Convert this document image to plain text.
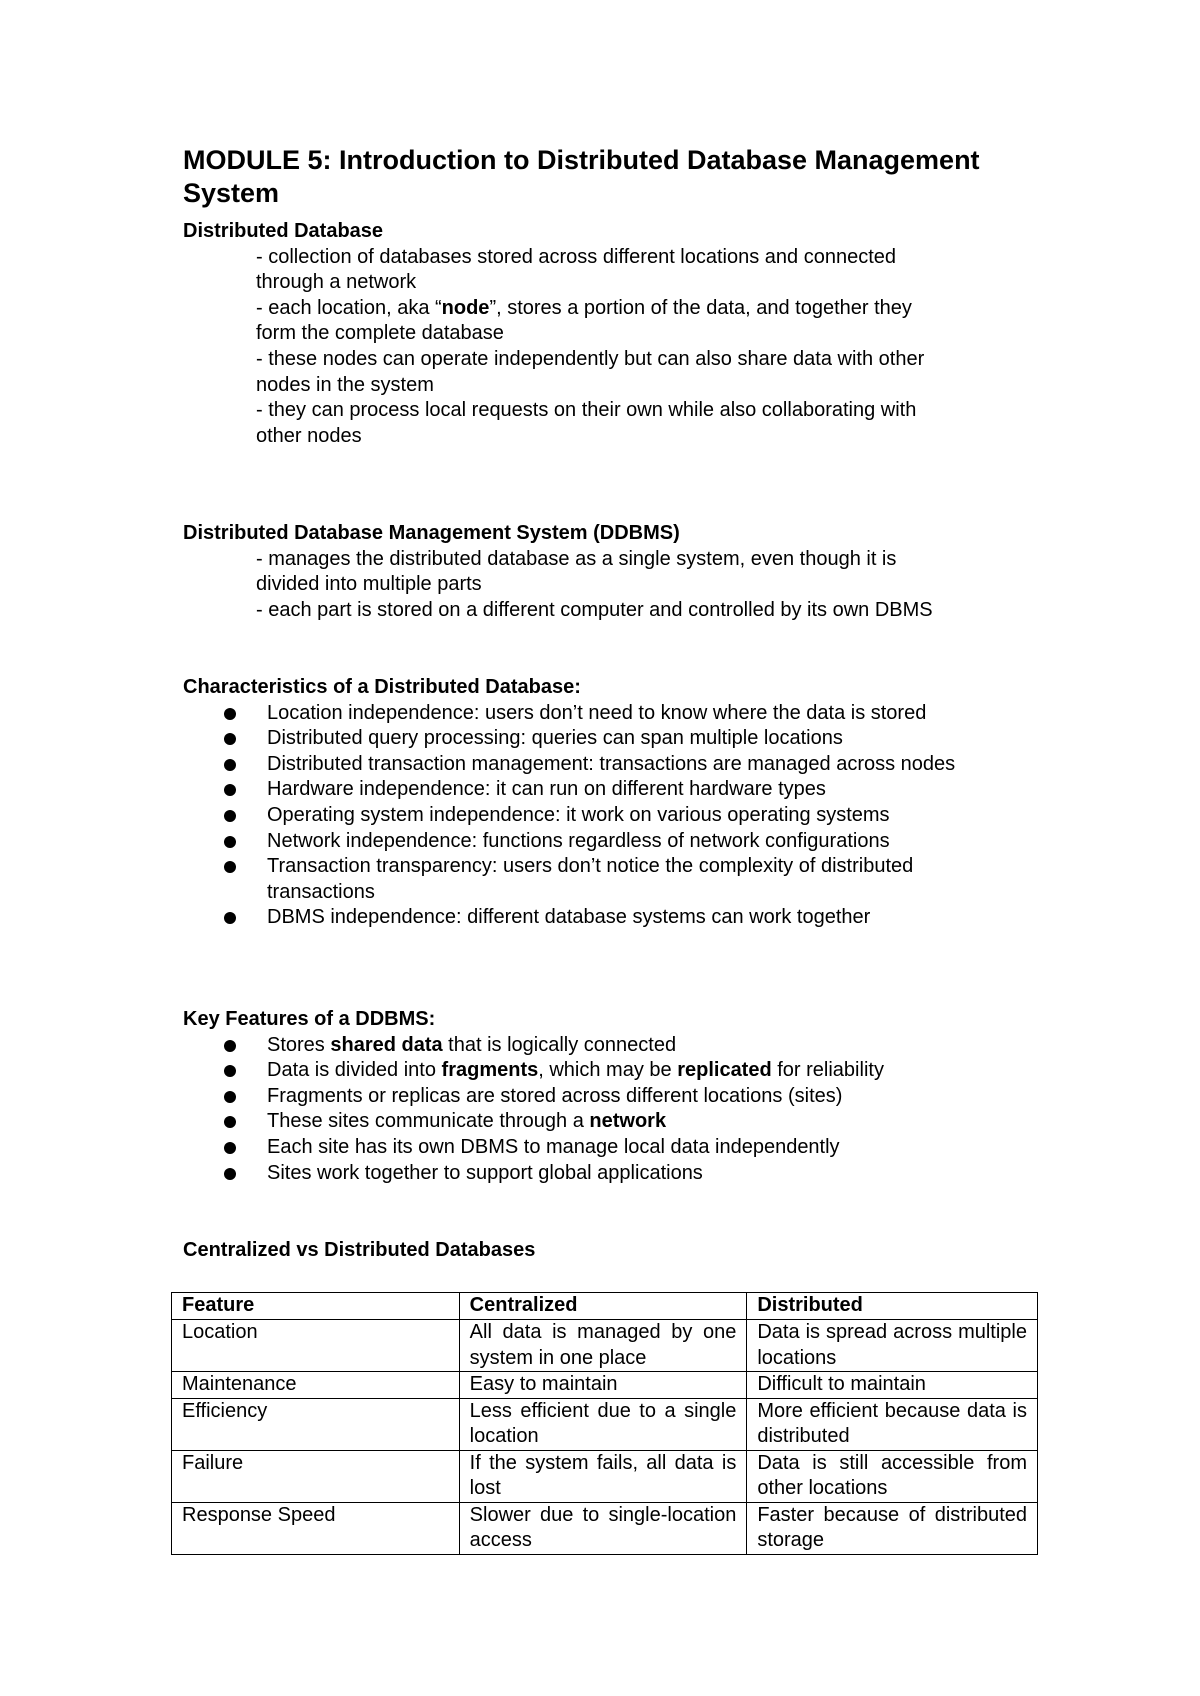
MODULE 5: Introduction to Distributed Database Management System

Distributed Database

- collection of databases stored across different locations and connected
through a network
- each location, aka “node”, stores a portion of the data, and together they
form the complete database
- these nodes can operate independently but can also share data with other
nodes in the system
- they can process local requests on their own while also collaborating with
other nodes

Distributed Database Management System (DDBMS)

- manages the distributed database as a single system, even though it is
divided into multiple parts
- each part is stored on a different computer and controlled by its own DBMS

Characteristics of a Distributed Database:

Location independence: users don’t need to know where the data is stored
Distributed query processing: queries can span multiple locations
Distributed transaction management: transactions are managed across nodes
Hardware independence: it can run on different hardware types
Operating system independence: it work on various operating systems
Network independence: functions regardless of network configurations
Transaction transparency: users don’t notice the complexity of distributed transactions
DBMS independence: different database systems can work together

Key Features of a DDBMS:

Stores shared data that is logically connected
Data is divided into fragments, which may be replicated for reliability
Fragments or replicas are stored across different locations (sites)
These sites communicate through a network
Each site has its own DBMS to manage local data independently
Sites work together to support global applications

Centralized vs Distributed Databases

Feature	Centralized	Distributed
Location	All data is managed by one system in one place	Data is spread across multiple locations
Maintenance	Easy to maintain	Difficult to maintain
Efficiency	Less efficient due to a single location	More efficient because data is distributed
Failure	If the system fails, all data is lost	Data is still accessible from other locations
Response Speed	Slower due to single-location access	Faster because of distributed storage
